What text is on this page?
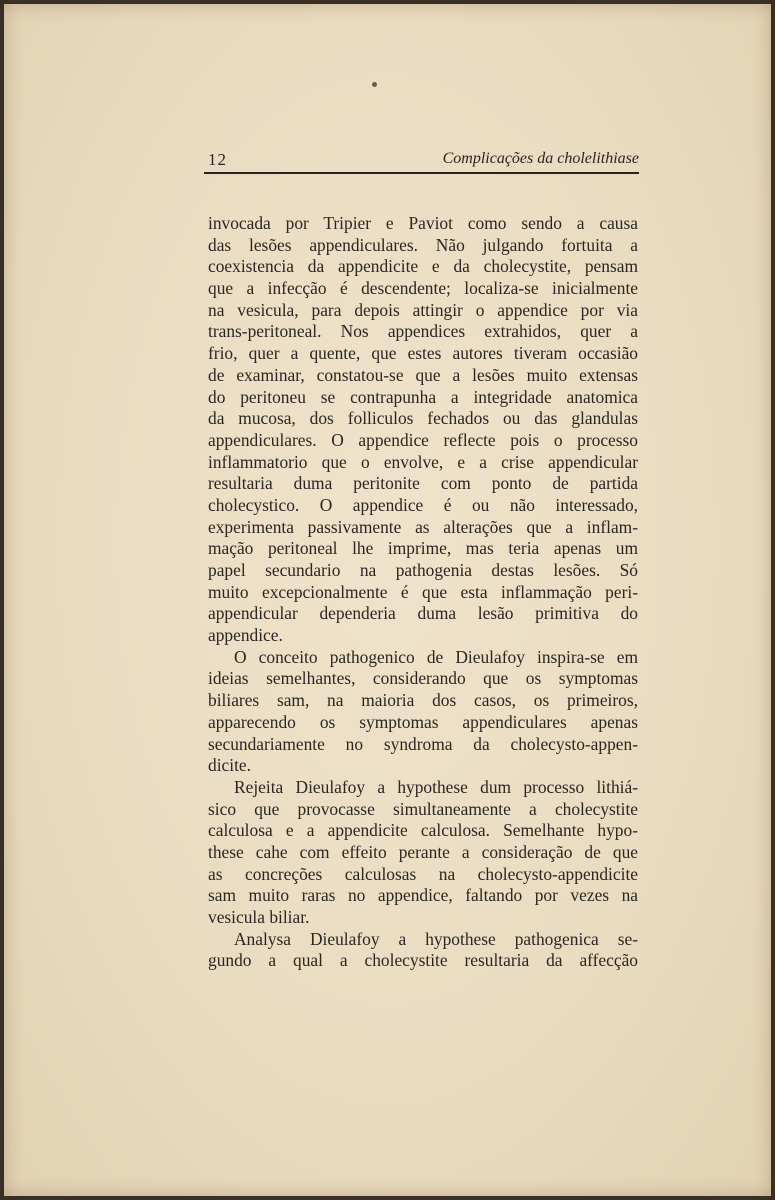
12	Complicações da cholelithiase
invocada por Tripier e Paviot como sendo a causa
das lesões appendiculares. Não julgando fortuita a
coexistencia da appendicite e da cholecystite, pensam
que a infecção é descendente; localiza-se inicialmente
na vesicula, para depois attingir o appendice por via
trans-peritoneal. Nos appendices extrahidos, quer a
frio, quer a quente, que estes autores tiveram occasião
de examinar, constatou-se que a lesões muito extensas
do peritoneu se contrapunha a integridade anatomica
da mucosa, dos folliculos fechados ou das glandulas
appendiculares. O appendice reflecte pois o processo
inflammatorio que o envolve, e a crise appendicular
resultaria duma peritonite com ponto de partida
cholecystico. O appendice é ou não interessado,
experimenta passivamente as alterações que a inflam-
mação peritoneal lhe imprime, mas teria apenas um
papel secundario na pathogenia destas lesões. Só
muito excepcionalmente é que esta inflammação peri-
appendicular dependeria duma lesão primitiva do
appendice.
O conceito pathogenico de Dieulafoy inspira-se em
ideias semelhantes, considerando que os symptomas
biliares sam, na maioria dos casos, os primeiros,
apparecendo os symptomas appendiculares apenas
secundariamente no syndroma da cholecysto-appen-
dicite.
Rejeita Dieulafoy a hypothese dum processo lithiá-
sico que provocasse simultaneamente a cholecystite
calculosa e a appendicite calculosa. Semelhante hypo-
these cahe com effeito perante a consideração de que
as concreções calculosas na cholecysto-appendicite
sam muito raras no appendice, faltando por vezes na
vesicula biliar.
Analysa Dieulafoy a hypothese pathogenica se-
gundo a qual a cholecystite resultaria da affecção
